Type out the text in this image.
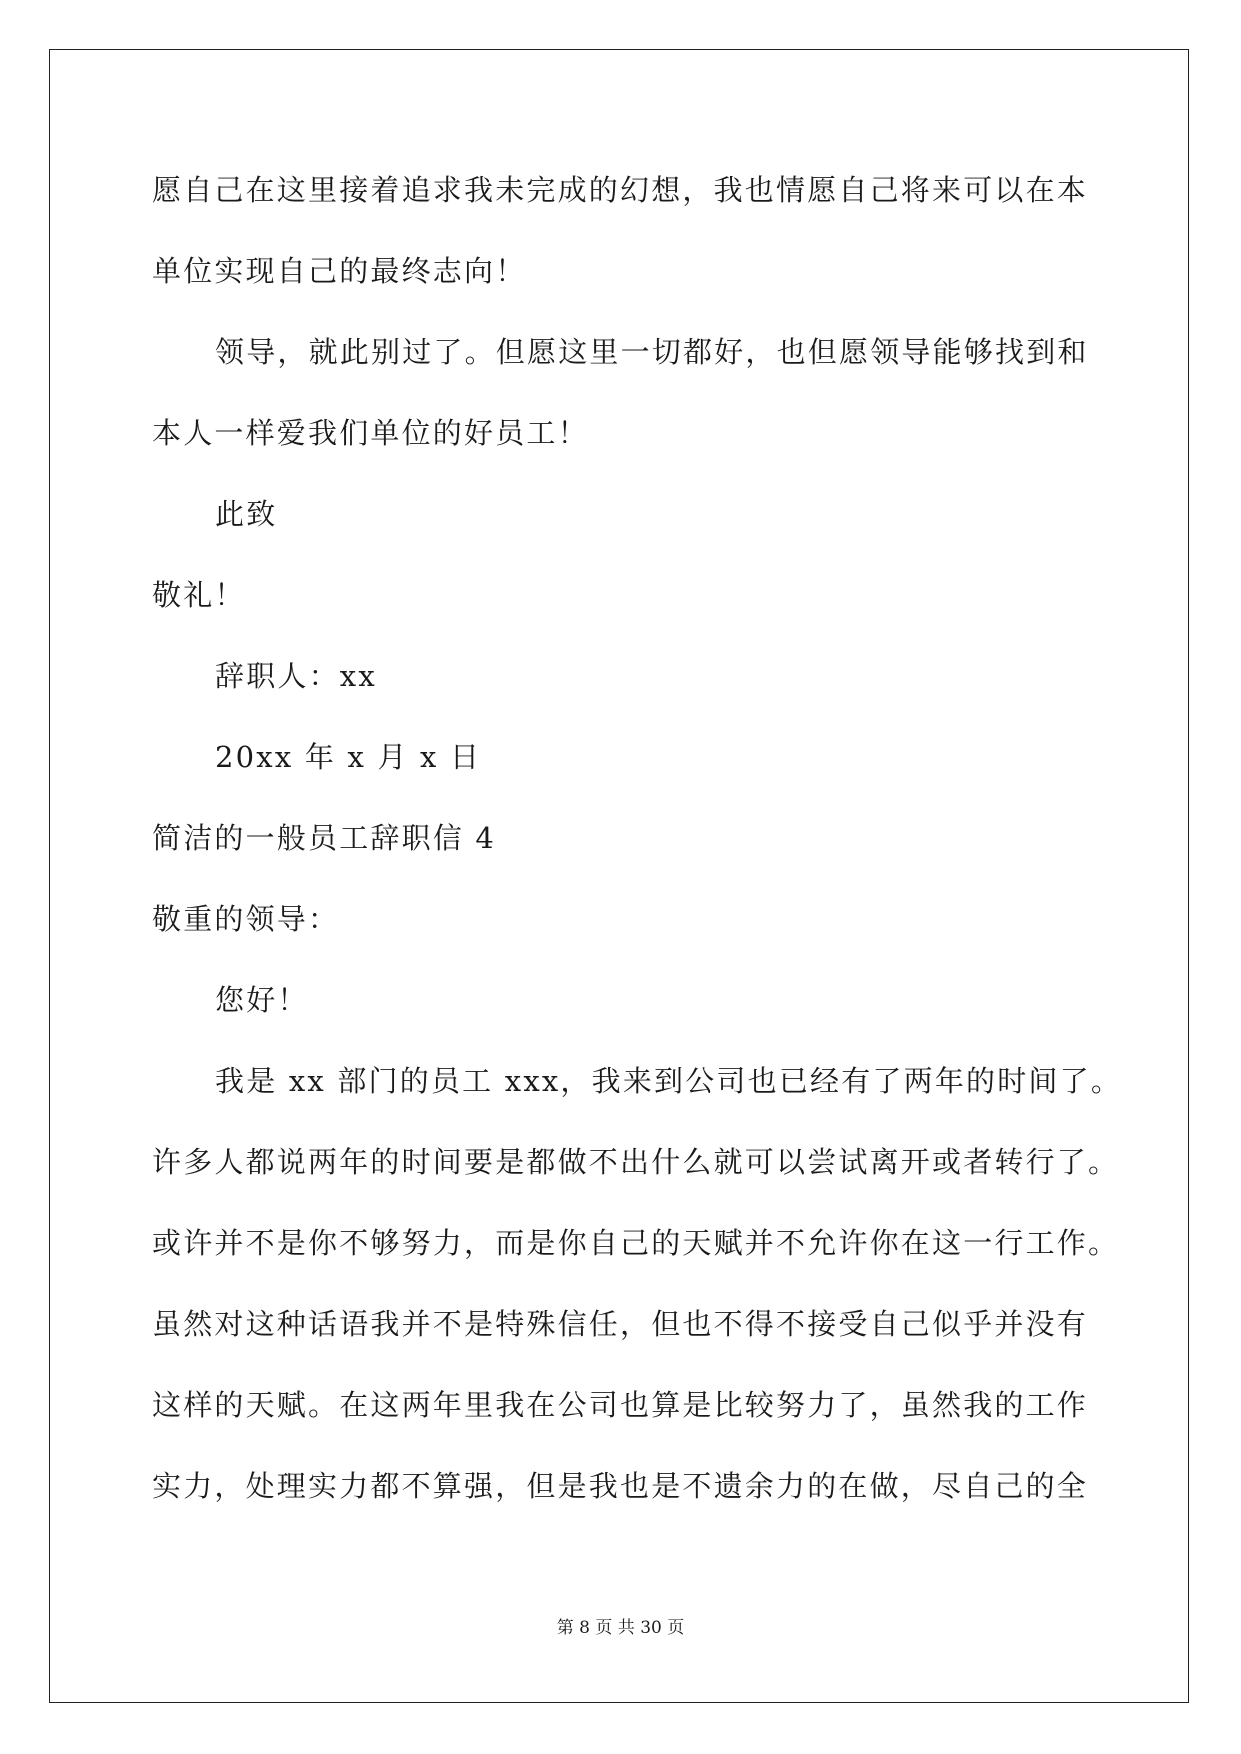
愿自己在这里接着追求我未完成的幻想，我也情愿自己将来可以在本
单位实现自己的最终志向！
领导，就此别过了。但愿这里一切都好，也但愿领导能够找到和
本人一样爱我们单位的好员工！
此致
敬礼！
辞职人：xx
20xx 年 x 月 x 日
简洁的一般员工辞职信 4
敬重的领导：
您好！
我是 xx 部门的员工 xxx，我来到公司也已经有了两年的时间了。
许多人都说两年的时间要是都做不出什么就可以尝试离开或者转行了。
或许并不是你不够努力，而是你自己的天赋并不允许你在这一行工作。
虽然对这种话语我并不是特殊信任，但也不得不接受自己似乎并没有
这样的天赋。在这两年里我在公司也算是比较努力了，虽然我的工作
实力，处理实力都不算强，但是我也是不遗余力的在做，尽自己的全
第 8 页 共 30 页
